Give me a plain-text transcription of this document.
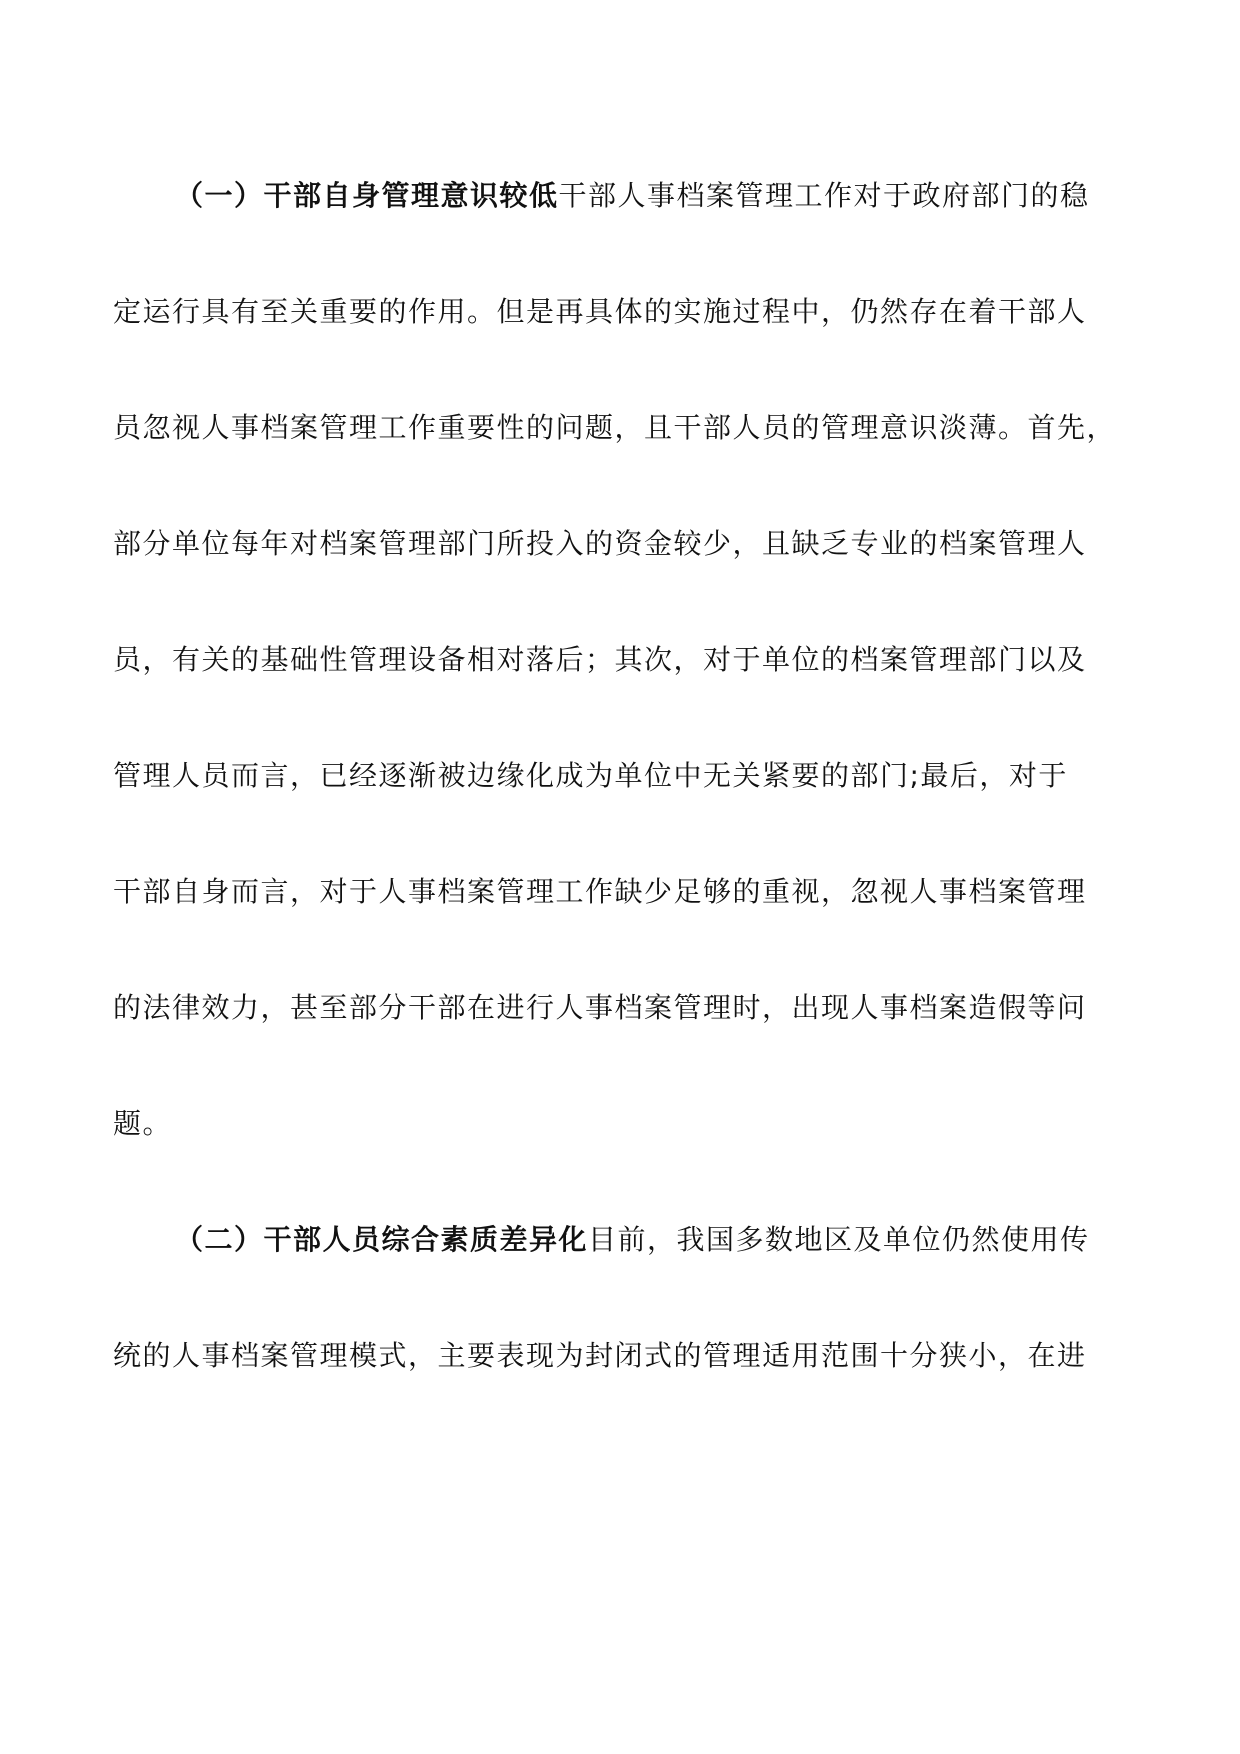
（一）干部自身管理意识较低干部人事档案管理工作对于政府部门的稳
定运行具有至关重要的作用。但是再具体的实施过程中，仍然存在着干部人
员忽视人事档案管理工作重要性的问题，且干部人员的管理意识淡薄。首先，
部分单位每年对档案管理部门所投入的资金较少，且缺乏专业的档案管理人
员，有关的基础性管理设备相对落后；其次，对于单位的档案管理部门以及
管理人员而言，已经逐渐被边缘化成为单位中无关紧要的部门;最后，对于
干部自身而言，对于人事档案管理工作缺少足够的重视，忽视人事档案管理
的法律效力，甚至部分干部在进行人事档案管理时，出现人事档案造假等问
题。
（二）干部人员综合素质差异化目前，我国多数地区及单位仍然使用传
统的人事档案管理模式，主要表现为封闭式的管理适用范围十分狭小，在进
